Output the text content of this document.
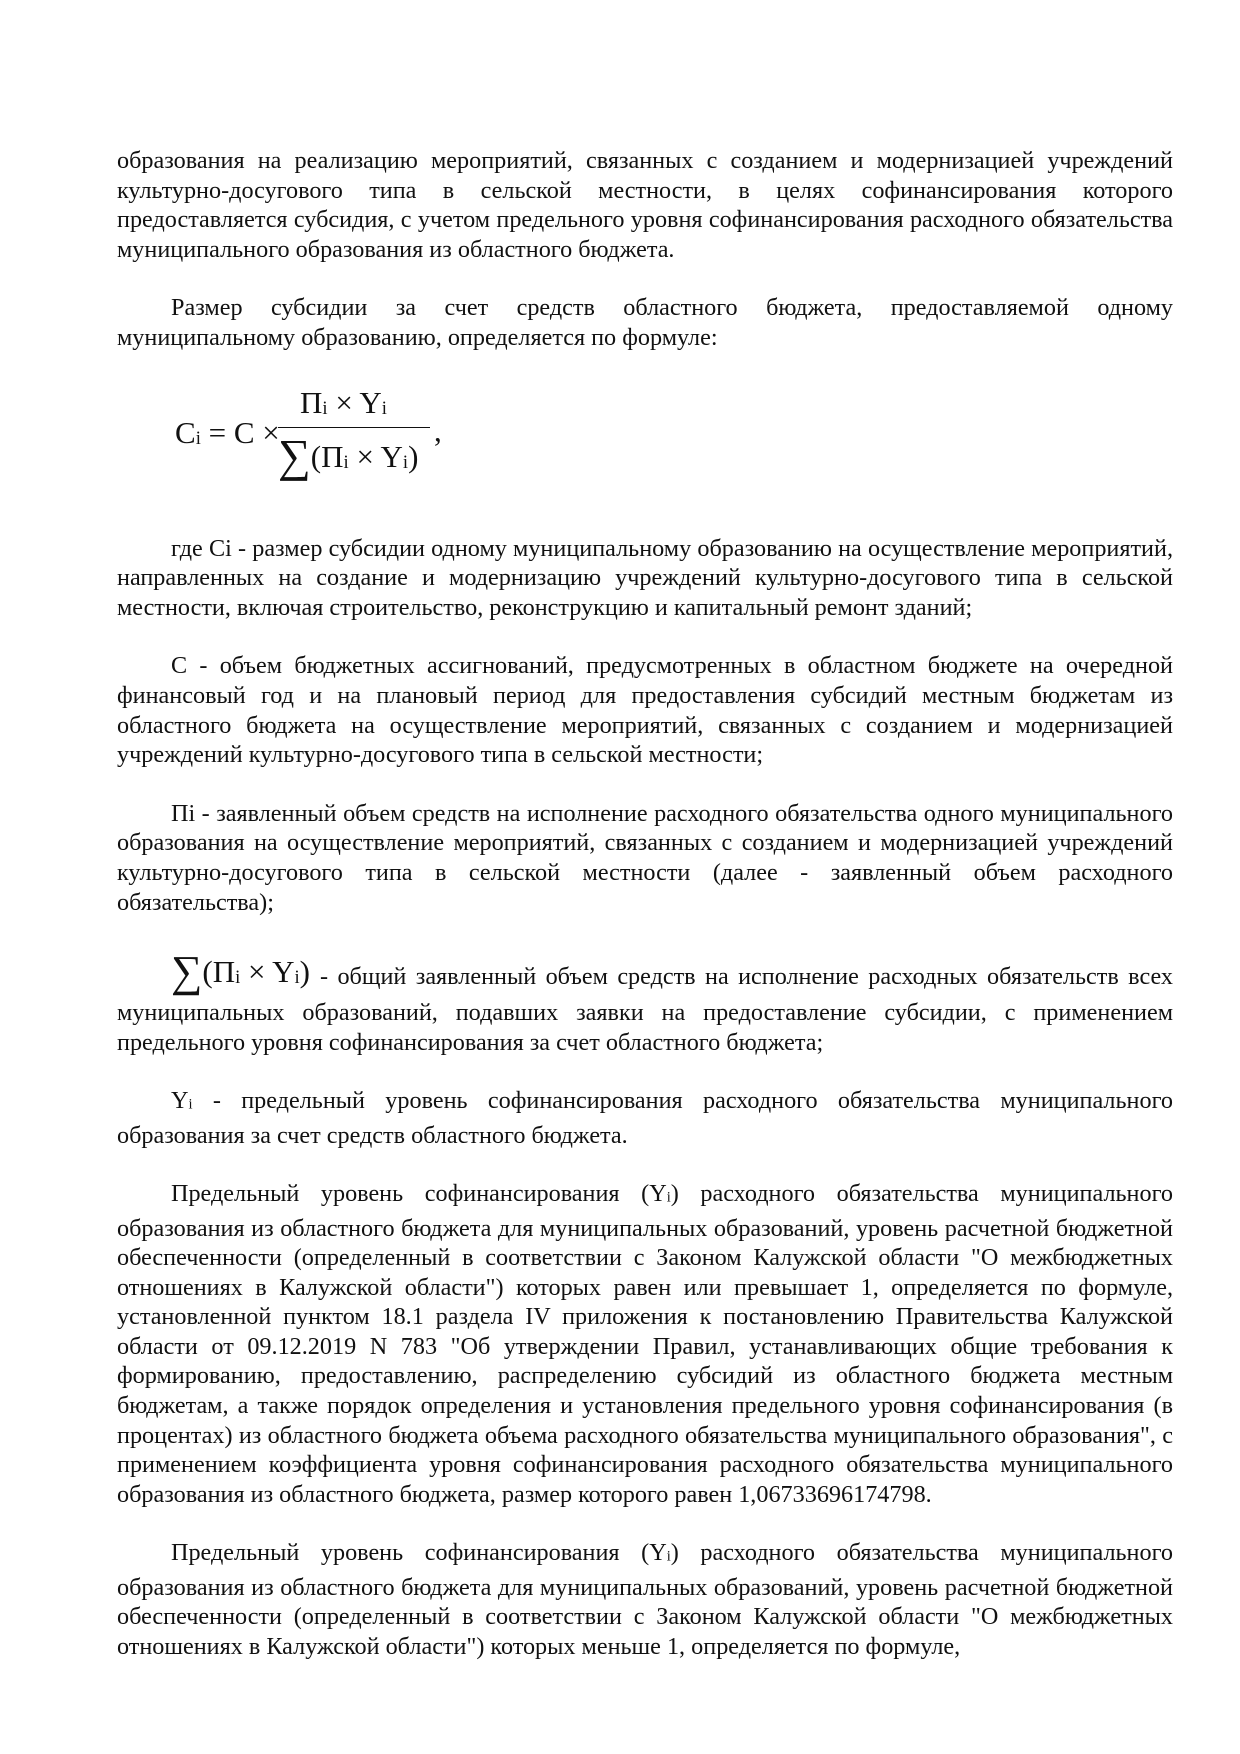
образования на реализацию мероприятий, связанных с созданием и модернизацией учреждений культурно-досугового типа в сельской местности, в целях софинансирования которого предоставляется субсидия, с учетом предельного уровня софинансирования расходного обязательства муниципального образования из областного бюджета.

Размер субсидии за счет средств областного бюджета, предоставляемой одному муниципальному образованию, определяется по формуле:

Ci = C ×
Пi × Yi
∑(Пi × Yi)
,

где Ci - размер субсидии одному муниципальному образованию на осуществление мероприятий, направленных на создание и модернизацию учреждений культурно-досугового типа в сельской местности, включая строительство, реконструкцию и капитальный ремонт зданий;

C - объем бюджетных ассигнований, предусмотренных в областном бюджете на очередной финансовый год и на плановый период для предоставления субсидий местным бюджетам из областного бюджета на осуществление мероприятий, связанных с созданием и модернизацией учреждений культурно-досугового типа в сельской местности;

Пi - заявленный объем средств на исполнение расходного обязательства одного муниципального образования на осуществление мероприятий, связанных с созданием и модернизацией учреждений культурно-досугового типа в сельской местности (далее - заявленный объем расходного обязательства);

∑(Пi × Yi) - общий заявленный объем средств на исполнение расходных обязательств всех муниципальных образований, подавших заявки на предоставление субсидии, с применением предельного уровня софинансирования за счет областного бюджета;

Yi - предельный уровень софинансирования расходного обязательства муниципального образования за счет средств областного бюджета.

Предельный уровень софинансирования (Yi) расходного обязательства муниципального образования из областного бюджета для муниципальных образований, уровень расчетной бюджетной обеспеченности (определенный в соответствии с Законом Калужской области "О межбюджетных отношениях в Калужской области") которых равен или превышает 1, определяется по формуле, установленной пунктом 18.1 раздела IV приложения к постановлению Правительства Калужской области от 09.12.2019 N 783 "Об утверждении Правил, устанавливающих общие требования к формированию, предоставлению, распределению субсидий из областного бюджета местным бюджетам, а также порядок определения и установления предельного уровня софинансирования (в процентах) из областного бюджета объема расходного обязательства муниципального образования", с применением коэффициента уровня софинансирования расходного обязательства муниципального образования из областного бюджета, размер которого равен 1,06733696174798.

Предельный уровень софинансирования (Yi) расходного обязательства муниципального образования из областного бюджета для муниципальных образований, уровень расчетной бюджетной обеспеченности (определенный в соответствии с Законом Калужской области "О межбюджетных отношениях в Калужской области") которых меньше 1, определяется по формуле,
